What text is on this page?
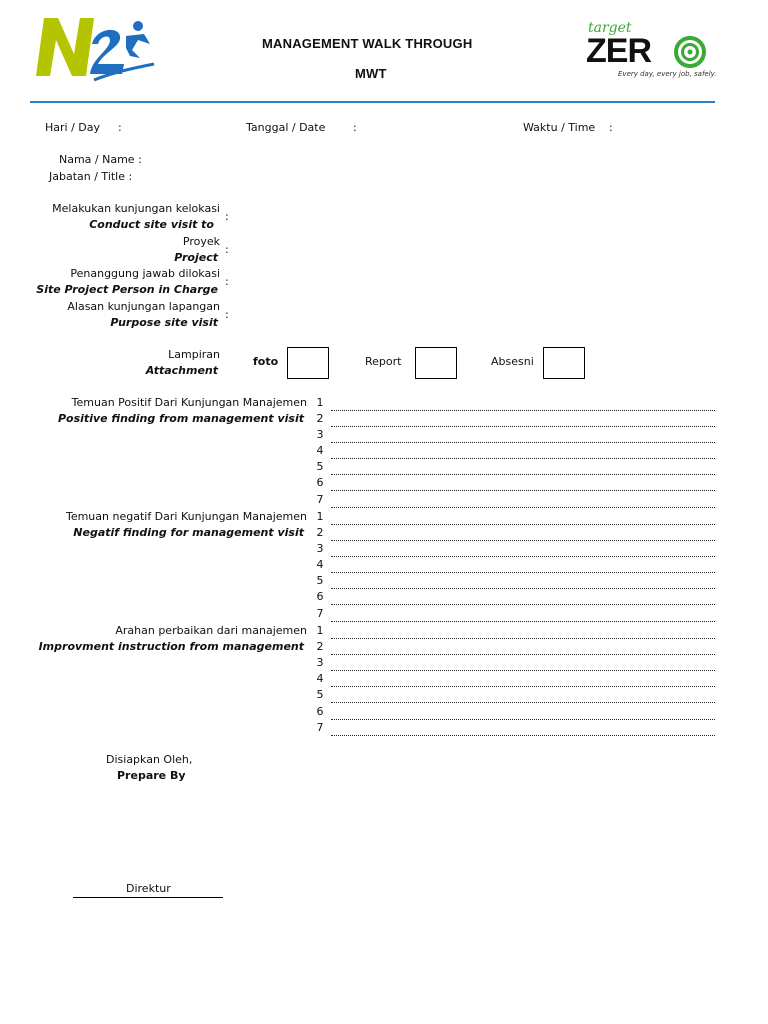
MANAGEMENT WALK THROUGH
MWT
target
ZER
Every day, every job, safely.
Hari / Day :	Tanggal / Date	:	Waktu / Time :
Nama / Name :
Jabatan / Title :
Melakukan kunjungan kelokasi
Conduct site visit to
:
Proyek
Project
:
Penanggung jawab dilokasi
Site Project Person in Charge
:
Alasan kunjungan lapangan
Purpose site visit
:
Lampiran
Attachment
foto	Report	Absesni
Temuan Positif Dari Kunjungan Manajemen
Positive finding from management visit
1
2
3
4
5
6
7
Temuan negatif Dari Kunjungan Manajemen
Negatif finding for management visit
1
2
3
4
5
6
7
Arahan perbaikan dari manajemen
Improvment instruction from management
1
2
3
4
5
6
7
Disiapkan Oleh,
Prepare By
Direktur
